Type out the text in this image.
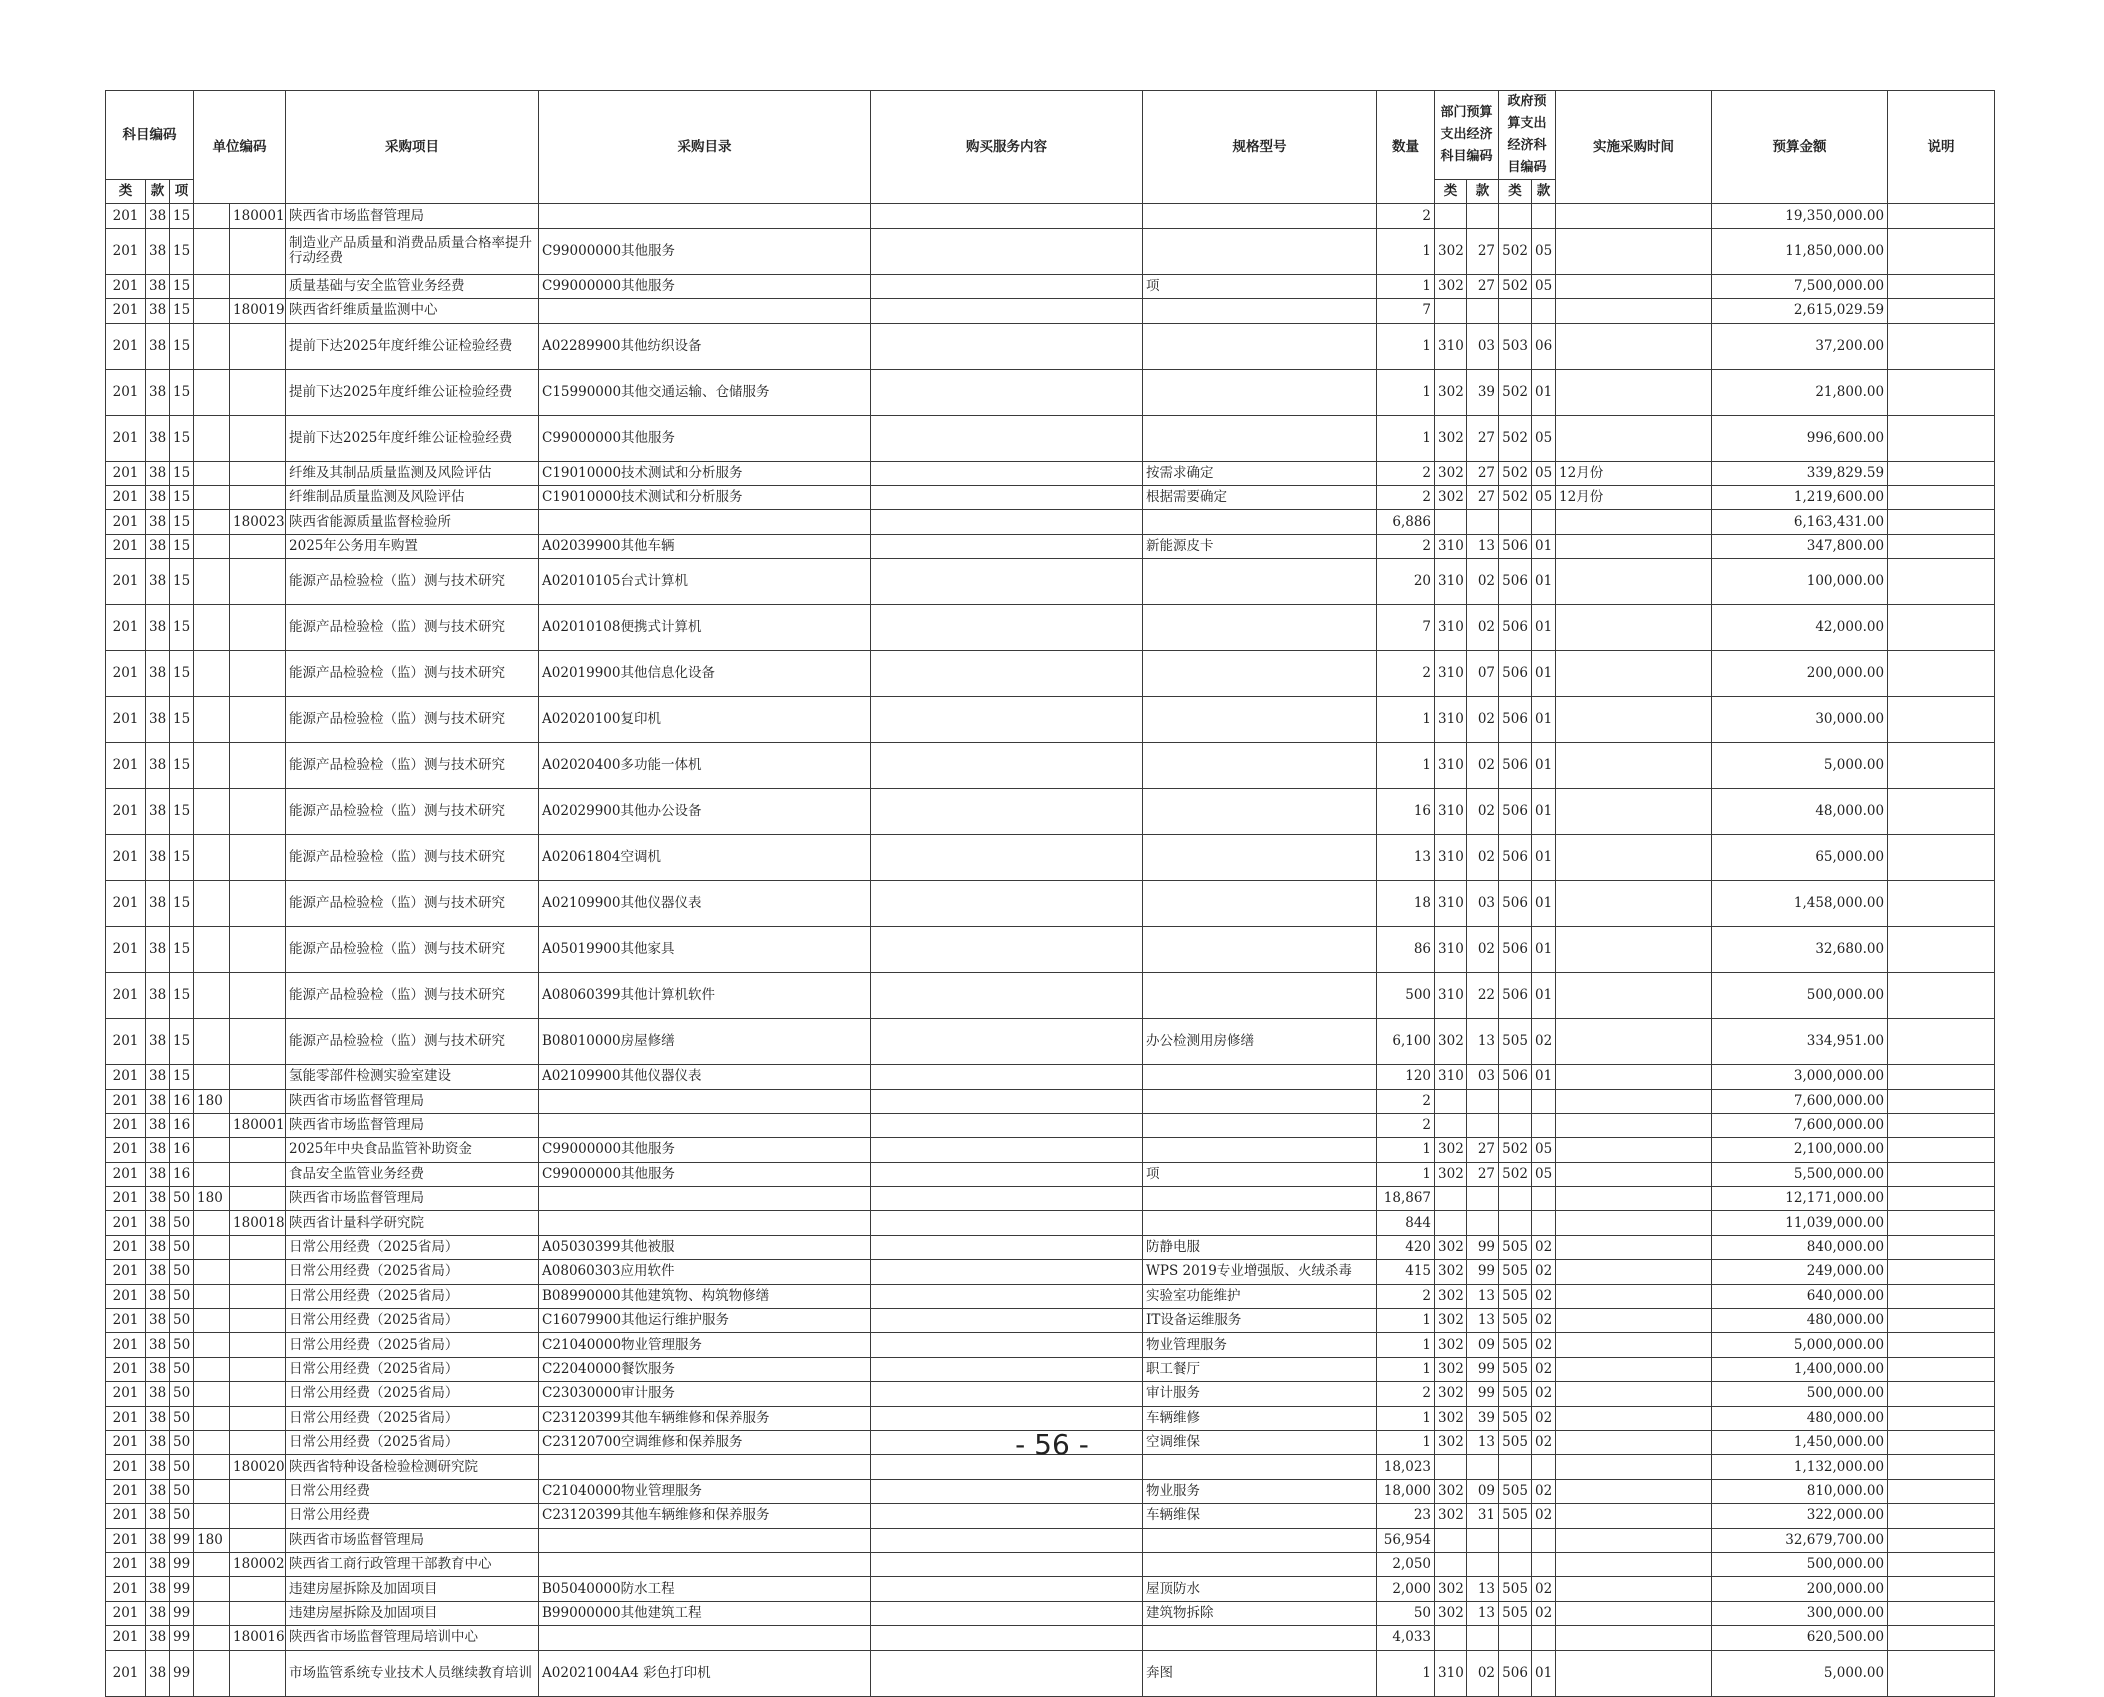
科目编码			单位编码		采购项目	采购目录	购买服务内容	规格型号	数量	部门预算支出经济科目编码		政府预算支出经济科目编码		实施采购时间	预算金额	说明
类	款	项								类	款	类	款			
201	38	15		180001	陕西省市场监督管理局				2						19,350,000.00	
201	38	15			制造业产品质量和消费品质量合格率提升行动经费	C99000000其他服务			1	302	27	502	05		11,850,000.00	
201	38	15			质量基础与安全监管业务经费	C99000000其他服务		项	1	302	27	502	05		7,500,000.00	
201	38	15		180019	陕西省纤维质量监测中心				7						2,615,029.59	
201	38	15			提前下达2025年度纤维公证检验经费	A02289900其他纺织设备			1	310	03	503	06		37,200.00	
201	38	15			提前下达2025年度纤维公证检验经费	C15990000其他交通运输、仓储服务			1	302	39	502	01		21,800.00	
201	38	15			提前下达2025年度纤维公证检验经费	C99000000其他服务			1	302	27	502	05		996,600.00	
201	38	15			纤维及其制品质量监测及风险评估	C19010000技术测试和分析服务		按需求确定	2	302	27	502	05	12月份	339,829.59	
201	38	15			纤维制品质量监测及风险评估	C19010000技术测试和分析服务		根据需要确定	2	302	27	502	05	12月份	1,219,600.00	
201	38	15		180023	陕西省能源质量监督检验所				6,886						6,163,431.00	
201	38	15			2025年公务用车购置	A02039900其他车辆		新能源皮卡	2	310	13	506	01		347,800.00	
201	38	15			能源产品检验检（监）测与技术研究	A02010105台式计算机			20	310	02	506	01		100,000.00	
201	38	15			能源产品检验检（监）测与技术研究	A02010108便携式计算机			7	310	02	506	01		42,000.00	
201	38	15			能源产品检验检（监）测与技术研究	A02019900其他信息化设备			2	310	07	506	01		200,000.00	
201	38	15			能源产品检验检（监）测与技术研究	A02020100复印机			1	310	02	506	01		30,000.00	
201	38	15			能源产品检验检（监）测与技术研究	A02020400多功能一体机			1	310	02	506	01		5,000.00	
201	38	15			能源产品检验检（监）测与技术研究	A02029900其他办公设备			16	310	02	506	01		48,000.00	
201	38	15			能源产品检验检（监）测与技术研究	A02061804空调机			13	310	02	506	01		65,000.00	
201	38	15			能源产品检验检（监）测与技术研究	A02109900其他仪器仪表			18	310	03	506	01		1,458,000.00	
201	38	15			能源产品检验检（监）测与技术研究	A05019900其他家具			86	310	02	506	01		32,680.00	
201	38	15			能源产品检验检（监）测与技术研究	A08060399其他计算机软件			500	310	22	506	01		500,000.00	
201	38	15			能源产品检验检（监）测与技术研究	B08010000房屋修缮		办公检测用房修缮	6,100	302	13	505	02		334,951.00	
201	38	15			氢能零部件检测实验室建设	A02109900其他仪器仪表			120	310	03	506	01		3,000,000.00	
201	38	16	180		陕西省市场监督管理局				2						7,600,000.00	
201	38	16		180001	陕西省市场监督管理局				2						7,600,000.00	
201	38	16			2025年中央食品监管补助资金	C99000000其他服务			1	302	27	502	05		2,100,000.00	
201	38	16			食品安全监管业务经费	C99000000其他服务		项	1	302	27	502	05		5,500,000.00	
201	38	50	180		陕西省市场监督管理局				18,867						12,171,000.00	
201	38	50		180018	陕西省计量科学研究院				844						11,039,000.00	
201	38	50			日常公用经费（2025省局）	A05030399其他被服		防静电服	420	302	99	505	02		840,000.00	
201	38	50			日常公用经费（2025省局）	A08060303应用软件		WPS 2019专业增强版、火绒杀毒	415	302	99	505	02		249,000.00	
201	38	50			日常公用经费（2025省局）	B08990000其他建筑物、构筑物修缮		实验室功能维护	2	302	13	505	02		640,000.00	
201	38	50			日常公用经费（2025省局）	C16079900其他运行维护服务		IT设备运维服务	1	302	13	505	02		480,000.00	
201	38	50			日常公用经费（2025省局）	C21040000物业管理服务		物业管理服务	1	302	09	505	02		5,000,000.00	
201	38	50			日常公用经费（2025省局）	C22040000餐饮服务		职工餐厅	1	302	99	505	02		1,400,000.00	
201	38	50			日常公用经费（2025省局）	C23030000审计服务		审计服务	2	302	99	505	02		500,000.00	
201	38	50			日常公用经费（2025省局）	C23120399其他车辆维修和保养服务		车辆维修	1	302	39	505	02		480,000.00	
201	38	50			日常公用经费（2025省局）	C23120700空调维修和保养服务		空调维保	1	302	13	505	02		1,450,000.00	
201	38	50		180020	陕西省特种设备检验检测研究院				18,023						1,132,000.00	
201	38	50			日常公用经费	C21040000物业管理服务		物业服务	18,000	302	09	505	02		810,000.00	
201	38	50			日常公用经费	C23120399其他车辆维修和保养服务		车辆维保	23	302	31	505	02		322,000.00	
201	38	99	180		陕西省市场监督管理局				56,954						32,679,700.00	
201	38	99		180002	陕西省工商行政管理干部教育中心				2,050						500,000.00	
201	38	99			违建房屋拆除及加固项目	B05040000防水工程		屋顶防水	2,000	302	13	505	02		200,000.00	
201	38	99			违建房屋拆除及加固项目	B99000000其他建筑工程		建筑物拆除	50	302	13	505	02		300,000.00	
201	38	99		180016	陕西省市场监督管理局培训中心				4,033						620,500.00	
201	38	99			市场监管系统专业技术人员继续教育培训	A02021004A4 彩色打印机		奔图	1	310	02	506	01		5,000.00	
- 56 -
